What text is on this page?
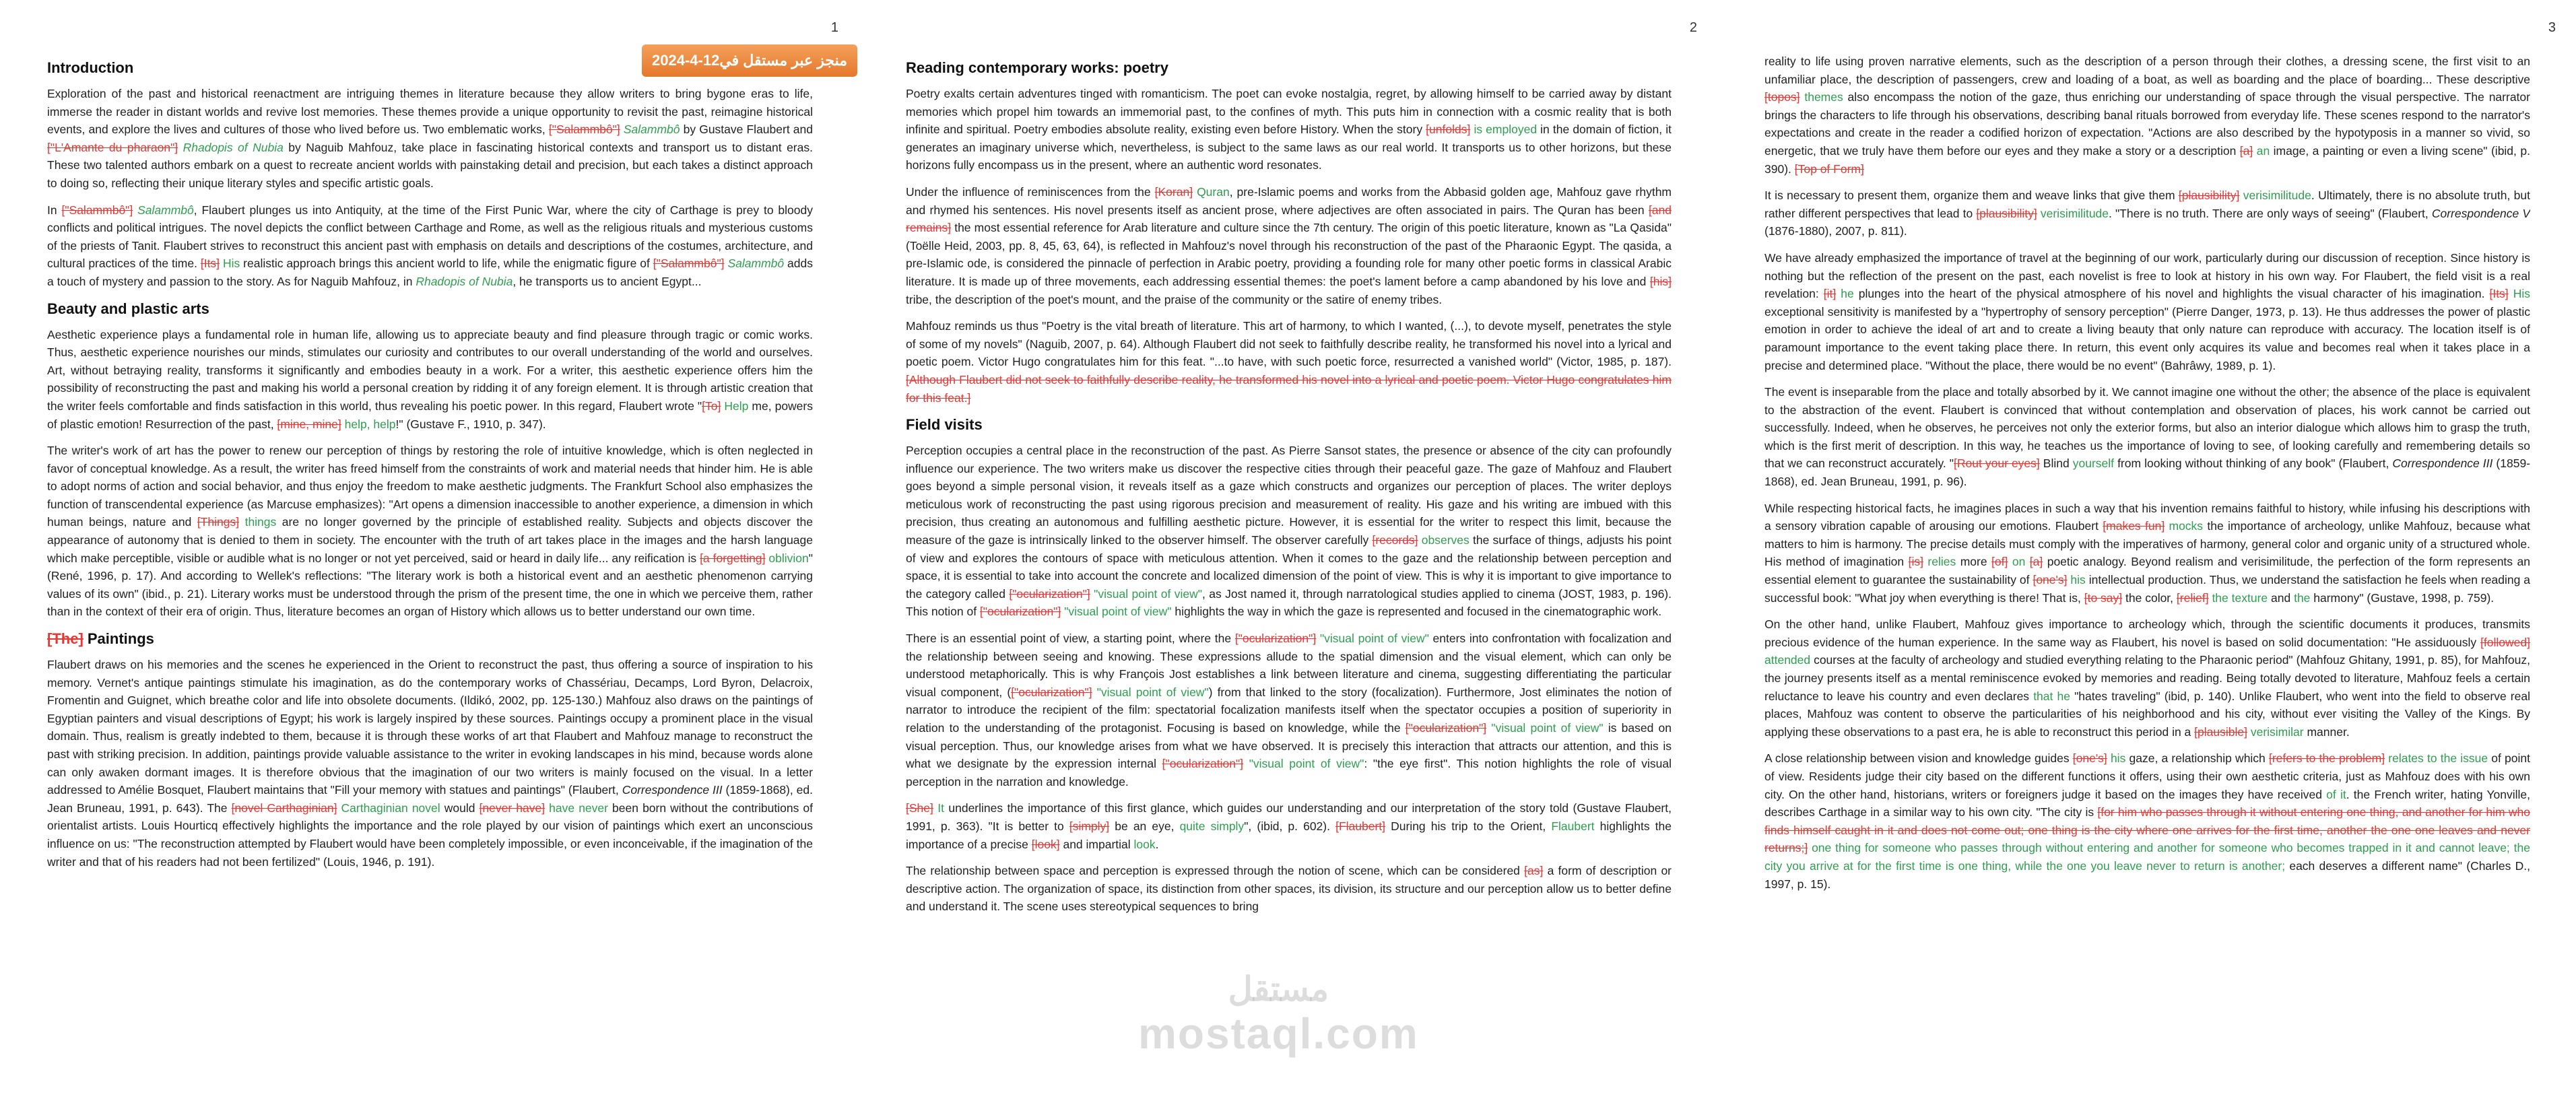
1
منجز عبر مستقل في12-4-2024
Introduction

Exploration of the past and historical reenactment are intriguing themes in literature because they allow writers to bring bygone eras to life, immerse the reader in distant worlds and revive lost memories. These themes provide a unique opportunity to revisit the past, reimagine historical events, and explore the lives and cultures of those who lived before us. Two emblematic works, ["Salammbô"] Salammbô by Gustave Flaubert and ["L'Amante du pharaon"] Rhadopis of Nubia by Naguib Mahfouz, take place in fascinating historical contexts and transport us to distant eras. These two talented authors embark on a quest to recreate ancient worlds with painstaking detail and precision, but each takes a distinct approach to doing so, reflecting their unique literary styles and specific artistic goals.

In ["Salammbô"] Salammbô, Flaubert plunges us into Antiquity, at the time of the First Punic War, where the city of Carthage is prey to bloody conflicts and political intrigues. The novel depicts the conflict between Carthage and Rome, as well as the religious rituals and mysterious customs of the priests of Tanit. Flaubert strives to reconstruct this ancient past with emphasis on details and descriptions of the costumes, architecture, and cultural practices of the time. [Its] His realistic approach brings this ancient world to life, while the enigmatic figure of ["Salammbô"] Salammbô adds a touch of mystery and passion to the story. As for Naguib Mahfouz, in Rhadopis of Nubia, he transports us to ancient Egypt...

Beauty and plastic arts

Aesthetic experience plays a fundamental role in human life, allowing us to appreciate beauty and find pleasure through tragic or comic works. Thus, aesthetic experience nourishes our minds, stimulates our curiosity and contributes to our overall understanding of the world and ourselves. Art, without betraying reality, transforms it significantly and embodies beauty in a work. For a writer, this aesthetic experience offers him the possibility of reconstructing the past and making his world a personal creation by ridding it of any foreign element. It is through artistic creation that the writer feels comfortable and finds satisfaction in this world, thus revealing his poetic power. In this regard, Flaubert wrote "[To] Help me, powers of plastic emotion! Resurrection of the past, [mine, mine] help, help!" (Gustave F., 1910, p. 347).

The writer's work of art has the power to renew our perception of things by restoring the role of intuitive knowledge, which is often neglected in favor of conceptual knowledge. As a result, the writer has freed himself from the constraints of work and material needs that hinder him. He is able to adopt norms of action and social behavior, and thus enjoy the freedom to make aesthetic judgments. The Frankfurt School also emphasizes the function of transcendental experience (as Marcuse emphasizes): "Art opens a dimension inaccessible to another experience, a dimension in which human beings, nature and [Things] things are no longer governed by the principle of established reality. Subjects and objects discover the appearance of autonomy that is denied to them in society. The encounter with the truth of art takes place in the images and the harsh language which make perceptible, visible or audible what is no longer or not yet perceived, said or heard in daily life... any reification is [a forgetting] oblivion" (René, 1996, p. 17). And according to Wellek's reflections: "The literary work is both a historical event and an aesthetic phenomenon carrying values of its own" (ibid., p. 21). Literary works must be understood through the prism of the present time, the one in which we perceive them, rather than in the context of their era of origin. Thus, literature becomes an organ of History which allows us to better understand our own time.

[The] Paintings

Flaubert draws on his memories and the scenes he experienced in the Orient to reconstruct the past, thus offering a source of inspiration to his memory. Vernet's antique paintings stimulate his imagination, as do the contemporary works of Chassériau, Decamps, Lord Byron, Delacroix, Fromentin and Guignet, which breathe color and life into obsolete documents. (Ildikó, 2002, pp. 125-130.) Mahfouz also draws on the paintings of Egyptian painters and visual descriptions of Egypt; his work is largely inspired by these sources. Paintings occupy a prominent place in the visual domain. Thus, realism is greatly indebted to them, because it is through these works of art that Flaubert and Mahfouz manage to reconstruct the past with striking precision. In addition, paintings provide valuable assistance to the writer in evoking landscapes in his mind, because words alone can only awaken dormant images. It is therefore obvious that the imagination of our two writers is mainly focused on the visual. In a letter addressed to Amélie Bosquet, Flaubert maintains that "Fill your memory with statues and paintings" (Flaubert, Correspondence III (1859-1868), ed. Jean Bruneau, 1991, p. 643). The [novel Carthaginian] Carthaginian novel would [never have] have never been born without the contributions of orientalist artists. Louis Hourticq effectively highlights the importance and the role played by our vision of paintings which exert an unconscious influence on us: "The reconstruction attempted by Flaubert would have been completely impossible, or even inconceivable, if the imagination of the writer and that of his readers had not been fertilized" (Louis, 1946, p. 191).

2
Reading contemporary works: poetry

Poetry exalts certain adventures tinged with romanticism. The poet can evoke nostalgia, regret, by allowing himself to be carried away by distant memories which propel him towards an immemorial past, to the confines of myth. This puts him in connection with a cosmic reality that is both infinite and spiritual. Poetry embodies absolute reality, existing even before History. When the story [unfolds] is employed in the domain of fiction, it generates an imaginary universe which, nevertheless, is subject to the same laws as our real world. It transports us to other horizons, but these horizons fully encompass us in the present, where an authentic word resonates.

Under the influence of reminiscences from the [Koran] Quran, pre-Islamic poems and works from the Abbasid golden age, Mahfouz gave rhythm and rhymed his sentences. His novel presents itself as ancient prose, where adjectives are often associated in pairs. The Quran has been [and remains] the most essential reference for Arab literature and culture since the 7th century. The origin of this poetic literature, known as "La Qasida" (Toëlle Heid, 2003, pp. 8, 45, 63, 64), is reflected in Mahfouz's novel through his reconstruction of the past of the Pharaonic Egypt. The qasida, a pre-Islamic ode, is considered the pinnacle of perfection in Arabic poetry, providing a founding role for many other poetic forms in classical Arabic literature. It is made up of three movements, each addressing essential themes: the poet's lament before a camp abandoned by his love and [his] tribe, the description of the poet's mount, and the praise of the community or the satire of enemy tribes.

Mahfouz reminds us thus "Poetry is the vital breath of literature. This art of harmony, to which I wanted, (...), to devote myself, penetrates the style of some of my novels" (Naguib, 2007, p. 64). Although Flaubert did not seek to faithfully describe reality, he transformed his novel into a lyrical and poetic poem. Victor Hugo congratulates him for this feat. "...to have, with such poetic force, resurrected a vanished world" (Victor, 1985, p. 187). [Although Flaubert did not seek to faithfully describe reality, he transformed his novel into a lyrical and poetic poem. Victor Hugo congratulates him for this feat.]

Field visits

Perception occupies a central place in the reconstruction of the past. As Pierre Sansot states, the presence or absence of the city can profoundly influence our experience. The two writers make us discover the respective cities through their peaceful gaze. The gaze of Mahfouz and Flaubert goes beyond a simple personal vision, it reveals itself as a gaze which constructs and organizes our perception of places. The writer deploys meticulous work of reconstructing the past using rigorous precision and measurement of reality. His gaze and his writing are imbued with this precision, thus creating an autonomous and fulfilling aesthetic picture. However, it is essential for the writer to respect this limit, because the measure of the gaze is intrinsically linked to the observer himself. The observer carefully [records] observes the surface of things, adjusts his point of view and explores the contours of space with meticulous attention. When it comes to the gaze and the relationship between perception and space, it is essential to take into account the concrete and localized dimension of the point of view. This is why it is important to give importance to the category called ["ocularization"] "visual point of view", as Jost named it, through narratological studies applied to cinema (JOST, 1983, p. 196). This notion of ["ocularization"] "visual point of view" highlights the way in which the gaze is represented and focused in the cinematographic work.

There is an essential point of view, a starting point, where the ["ocularization"] "visual point of view" enters into confrontation with focalization and the relationship between seeing and knowing. These expressions allude to the spatial dimension and the visual element, which can only be understood metaphorically. This is why François Jost establishes a link between literature and cinema, suggesting differentiating the particular visual component, (["ocularization"] "visual point of view") from that linked to the story (focalization). Furthermore, Jost eliminates the notion of narrator to introduce the recipient of the film: spectatorial focalization manifests itself when the spectator occupies a position of superiority in relation to the understanding of the protagonist. Focusing is based on knowledge, while the ["ocularization"] "visual point of view" is based on visual perception. Thus, our knowledge arises from what we have observed. It is precisely this interaction that attracts our attention, and this is what we designate by the expression internal ["ocularization"] "visual point of view": "the eye first". This notion highlights the role of visual perception in the narration and knowledge.

[She] It underlines the importance of this first glance, which guides our understanding and our interpretation of the story told (Gustave Flaubert, 1991, p. 363). "It is better to [simply] be an eye, quite simply", (ibid, p. 602). [Flaubert] During his trip to the Orient, Flaubert highlights the importance of a precise [look] and impartial look.

The relationship between space and perception is expressed through the notion of scene, which can be considered [as] a form of description or descriptive action. The organization of space, its distinction from other spaces, its division, its structure and our perception allow us to better define and understand it. The scene uses stereotypical sequences to bring

3

reality to life using proven narrative elements, such as the description of a person through their clothes, a dressing scene, the first visit to an unfamiliar place, the description of passengers, crew and loading of a boat, as well as boarding and the place of boarding... These descriptive [topos] themes also encompass the notion of the gaze, thus enriching our understanding of space through the visual perspective. The narrator brings the characters to life through his observations, describing banal rituals borrowed from everyday life. These scenes respond to the narrator's expectations and create in the reader a codified horizon of expectation. "Actions are also described by the hypotyposis in a manner so vivid, so energetic, that we truly have them before our eyes and they make a story or a description [a] an image, a painting or even a living scene" (ibid, p. 390). [Top of Form]

It is necessary to present them, organize them and weave links that give them [plausibility] verisimilitude. Ultimately, there is no absolute truth, but rather different perspectives that lead to [plausibility] verisimilitude. "There is no truth. There are only ways of seeing" (Flaubert, Correspondence V (1876-1880), 2007, p. 811).

We have already emphasized the importance of travel at the beginning of our work, particularly during our discussion of reception. Since history is nothing but the reflection of the present on the past, each novelist is free to look at history in his own way. For Flaubert, the field visit is a real revelation: [it] he plunges into the heart of the physical atmosphere of his novel and highlights the visual character of his imagination. [Its] His exceptional sensitivity is manifested by a "hypertrophy of sensory perception" (Pierre Danger, 1973, p. 13). He thus addresses the power of plastic emotion in order to achieve the ideal of art and to create a living beauty that only nature can reproduce with accuracy. The location itself is of paramount importance to the event taking place there. In return, this event only acquires its value and becomes real when it takes place in a precise and determined place. "Without the place, there would be no event" (Bahrâwy, 1989, p. 1).

The event is inseparable from the place and totally absorbed by it. We cannot imagine one without the other; the absence of the place is equivalent to the abstraction of the event. Flaubert is convinced that without contemplation and observation of places, his work cannot be carried out successfully. Indeed, when he observes, he perceives not only the exterior forms, but also an interior dialogue which allows him to grasp the truth, which is the first merit of description. In this way, he teaches us the importance of loving to see, of looking carefully and remembering details so that we can reconstruct accurately. "[Rout your eyes] Blind yourself from looking without thinking of any book" (Flaubert, Correspondence III (1859-1868), ed. Jean Bruneau, 1991, p. 96).

While respecting historical facts, he imagines places in such a way that his invention remains faithful to history, while infusing his descriptions with a sensory vibration capable of arousing our emotions. Flaubert [makes fun] mocks the importance of archeology, unlike Mahfouz, because what matters to him is harmony. The precise details must comply with the imperatives of harmony, general color and organic unity of a structured whole. His method of imagination [is] relies more [of] on [a] poetic analogy. Beyond realism and verisimilitude, the perfection of the form represents an essential element to guarantee the sustainability of [one's] his intellectual production. Thus, we understand the satisfaction he feels when reading a successful book: "What joy when everything is there! That is, [to say] the color, [relief] the texture and the harmony" (Gustave, 1998, p. 759).

On the other hand, unlike Flaubert, Mahfouz gives importance to archeology which, through the scientific documents it produces, transmits precious evidence of the human experience. In the same way as Flaubert, his novel is based on solid documentation: "He assiduously [followed] attended courses at the faculty of archeology and studied everything relating to the Pharaonic period" (Mahfouz Ghitany, 1991, p. 85), for Mahfouz, the journey presents itself as a mental reminiscence evoked by memories and reading. Being totally devoted to literature, Mahfouz feels a certain reluctance to leave his country and even declares that he "hates traveling" (ibid, p. 140). Unlike Flaubert, who went into the field to observe real places, Mahfouz was content to observe the particularities of his neighborhood and his city, without ever visiting the Valley of the Kings. By applying these observations to a past era, he is able to reconstruct this period in a [plausible] verisimilar manner.

A close relationship between vision and knowledge guides [one's] his gaze, a relationship which [refers to the problem] relates to the issue of point of view. Residents judge their city based on the different functions it offers, using their own aesthetic criteria, just as Mahfouz does with his own city. On the other hand, historians, writers or foreigners judge it based on the images they have received of it. the French writer, hating Yonville, describes Carthage in a similar way to his own city. "The city is [for him who passes through it without entering one thing, and another for him who finds himself caught in it and does not come out; one thing is the city where one arrives for the first time, another the one one leaves and never returns;] one thing for someone who passes through without entering and another for someone who becomes trapped in it and cannot leave; the city you arrive at for the first time is one thing, while the one you leave never to return is another; each deserves a different name" (Charles D., 1997, p. 15).

مستقل
mostaql.com
